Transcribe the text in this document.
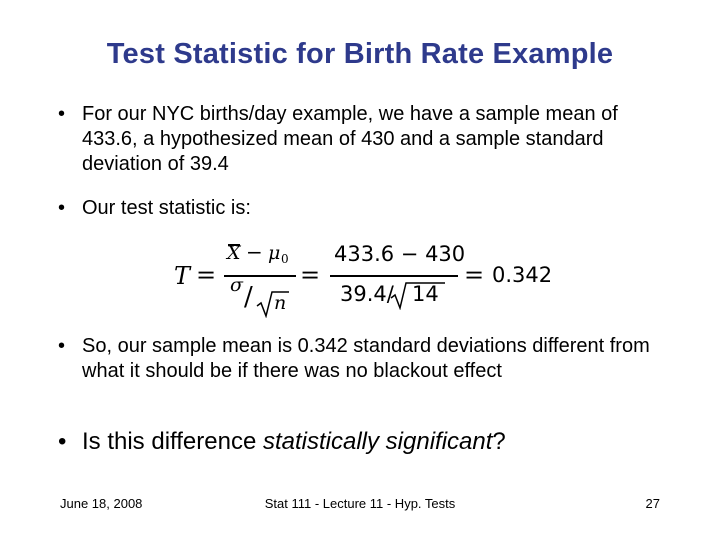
Test Statistic for Birth Rate Example
• For our NYC births/day example, we have a sample mean of 433.6, a hypothesized mean of 430 and a sample standard deviation of 39.4
• Our test statistic is:
T =
X − μ 0
σ / n
=
433.6 − 430
39.4/ 14
= 0.342
• So, our sample mean is 0.342 standard deviations different from what it should be if there was no blackout effect
• Is this difference statistically significant?
June 18, 2008	Stat 111 - Lecture 11 - Hyp. Tests	27
